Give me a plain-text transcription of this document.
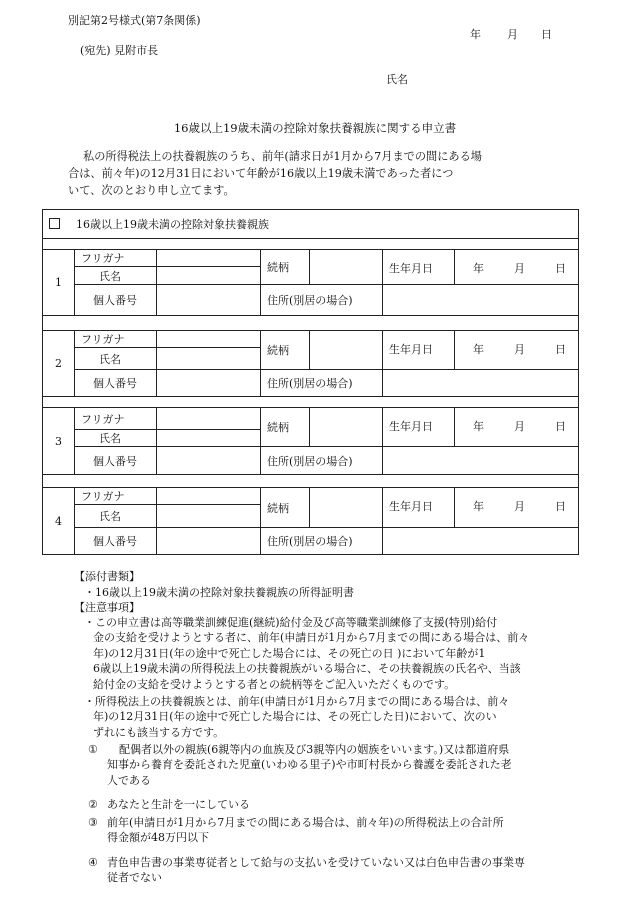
別記第2号様式(第7条関係)
年 月 日
(宛先) 見附市長
氏名
16歳以上19歳未満の控除対象扶養親族に関する申立書
私の所得税法上の扶養親族のうち、前年(請求日が1月から7月までの間にある場
合は、前々年)の12月31日において年齢が16歳以上19歳未満であった者につ
いて、次のとおり申し立てます。
16歳以上19歳未満の控除対象扶養親族						

1	フリガナ		続柄		生年月日	年 月 日

	氏名					
	個人番号		住所(別居の場合)			

2	フリガナ		続柄		生年月日	年 月 日

	氏名					
	個人番号		住所(別居の場合)			

3	フリガナ		続柄		生年月日	年 月 日

	氏名					
	個人番号		住所(別居の場合)			

4	フリガナ		続柄		生年月日	年 月 日

	氏名					
	個人番号		住所(別居の場合)			
【添付書類】
・16歳以上19歳未満の控除対象扶養親族の所得証明書
【注意事項】
・この申立書は高等職業訓練促進(継続)給付金及び高等職業訓練修了支援(特別)給付
金の支給を受けようとする者に、前年(申請日が1月から7月までの間にある場合は、前々
年)の12月31日(年の途中で死亡した場合には、その死亡の日 )において年齢が1
6歳以上19歳未満の所得税法上の扶養親族がいる場合に、その扶養親族の氏名や、当該
給付金の支給を受けようとする者との続柄等をご記入いただくものです。
・所得税法上の扶養親族とは、前年(申請日が1月から7月までの間にある場合は、前々
年)の12月31日(年の途中で死亡した場合には、その死亡した日)において、次のい
ずれにも該当する方です。
①	配偶者以外の親族(6親等内の血族及び3親等内の姻族をいいます。)又は都道府県
知事から養育を委託された児童(いわゆる里子)や市町村長から養護を委託された老
人である
② あなたと生計を一にしている
③ 前年(申請日が1月から7月までの間にある場合は、前々年)の所得税法上の合計所
得金額が48万円以下
④ 青色申告書の事業専従者として給与の支払いを受けていない又は白色申告書の事業専
従者でない
